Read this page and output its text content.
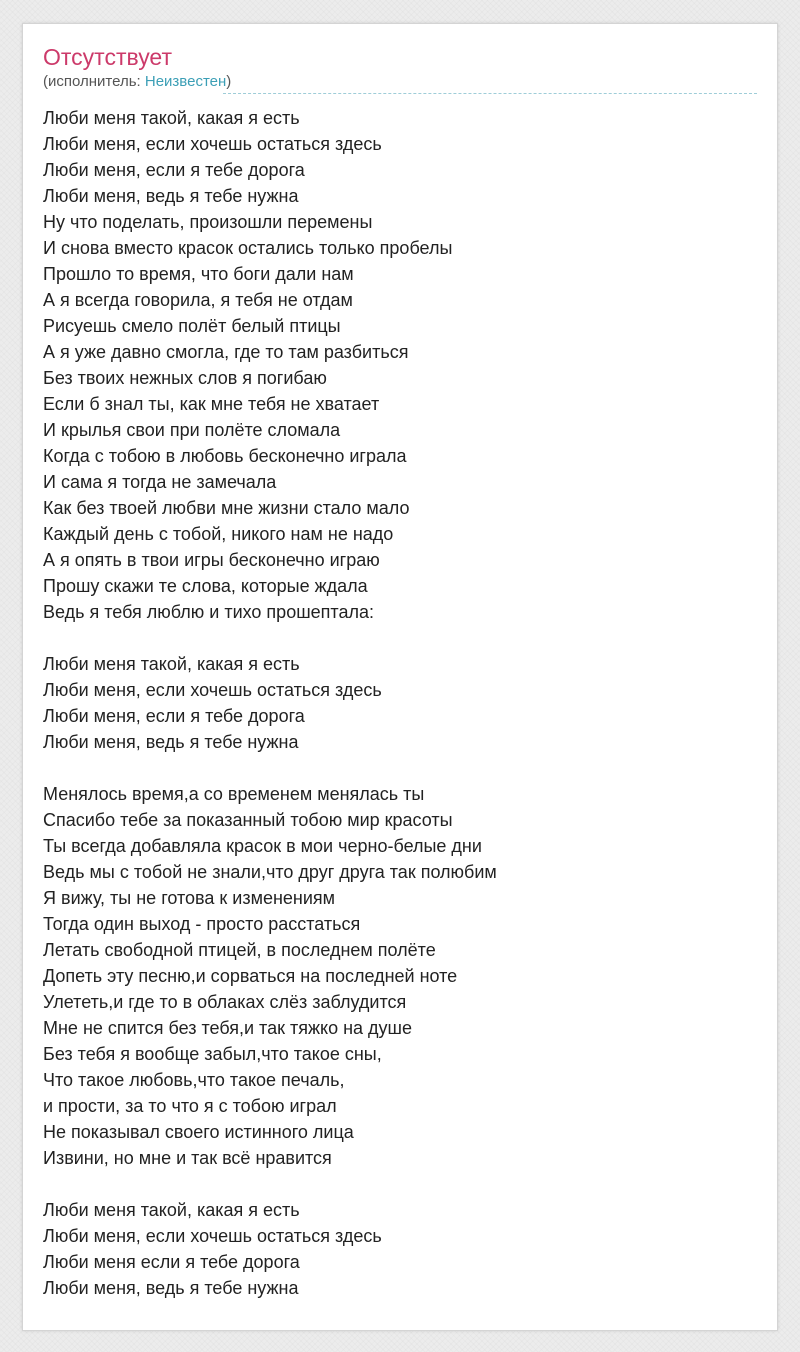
Отсутствует
(исполнитель: Неизвестен)
Люби меня такой, какая я есть
Люби меня, если хочешь остаться здесь
Люби меня, если я тебе дорога
Люби меня, ведь я тебе нужна
Ну что поделать, произошли перемены
И снова вместо красок остались только пробелы
Прошло то время, что боги дали нам
А я всегда говорила, я тебя не отдам
Рисуешь смело полёт белый птицы
А я уже давно смогла, где то там разбиться
Без твоих нежных слов я погибаю
Если б знал ты, как мне тебя не хватает
И крылья свои при полёте сломала
Когда с тобою в любовь бесконечно играла
И сама я тогда не замечала
Как без твоей любви мне жизни стало мало
Каждый день с тобой, никого нам не надо
А я опять в твои игры бесконечно играю
Прошу скажи те слова, которые ждала
Ведь я тебя люблю и тихо прошептала:
Люби меня такой, какая я есть
Люби меня, если хочешь остаться здесь
Люби меня, если я тебе дорога
Люби меня, ведь я тебе нужна
Менялось время,а со временем менялась ты
Спасибо тебе за показанный тобою мир красоты
Ты всегда добавляла красок в мои черно-белые дни
Ведь мы с тобой не знали,что друг друга так полюбим
Я вижу, ты не готова к изменениям
Тогда один выход - просто расстаться
Летать свободной птицей, в последнем полёте
Допеть эту песню,и сорваться на последней ноте
Улететь,и где то в облаках слёз заблудится
Мне не спится без тебя,и так тяжко на душе
Без тебя я вообще забыл,что такое сны,
Что такое любовь,что такое печаль,
и прости, за то что я с тобою играл
Не показывал своего истинного лица
Извини, но мне и так всё нравится
Люби меня такой, какая я есть
Люби меня, если хочешь остаться здесь
Люби меня если я тебе дорога
Люби меня, ведь я тебе нужна
